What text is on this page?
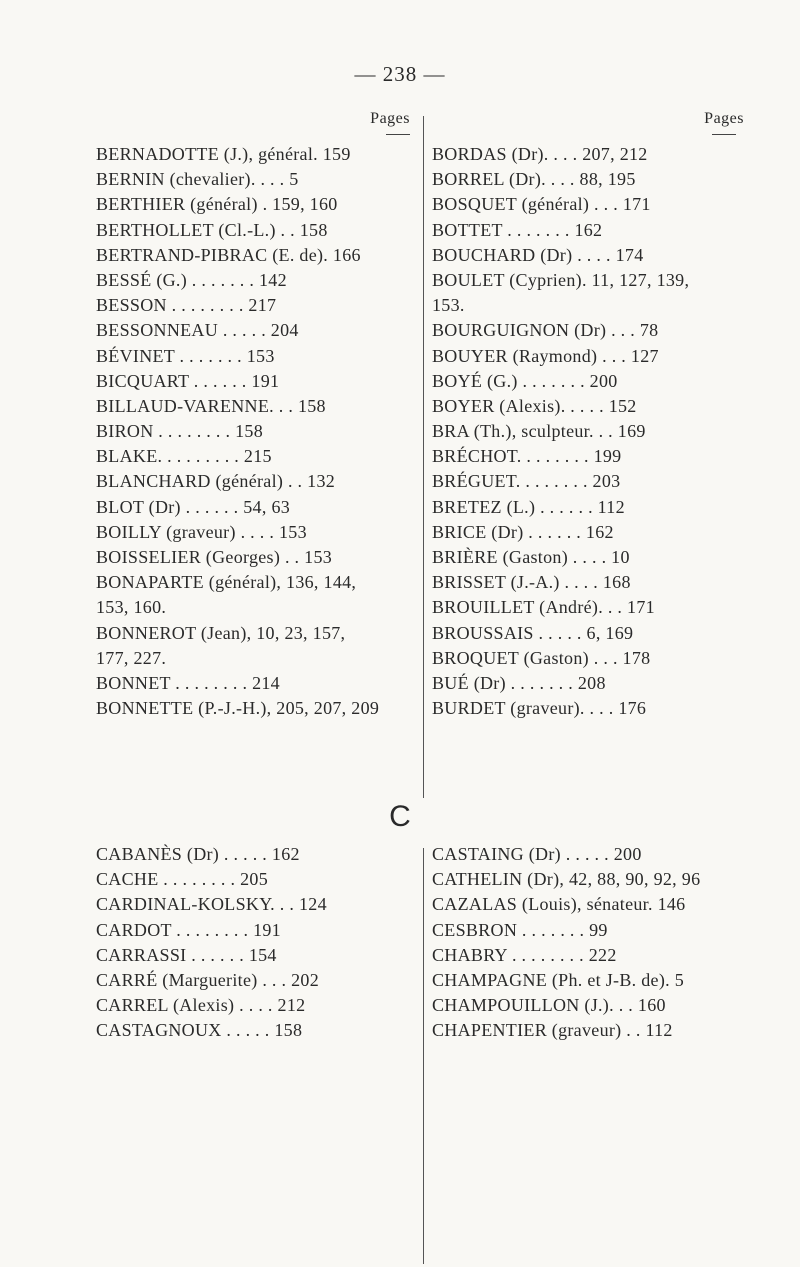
— 238 —
Pages
BERNADOTTE (J.), général. 159
BERNIN (chevalier). . . . 5
BERTHIER (général) . 159, 160
BERTHOLLET (Cl.-L.) . . 158
BERTRAND-PIBRAC (E. de). 166
BESSÉ (G.) . . . . . . . 142
BESSON . . . . . . . . 217
BESSONNEAU . . . . . 204
BÉVINET . . . . . . . 153
BICQUART . . . . . . 191
BILLAUD-VARENNE. . . 158
BIRON . . . . . . . . 158
BLAKE. . . . . . . . . 215
BLANCHARD (général) . . 132
BLOT (Dr) . . . . . . 54, 63
BOILLY (graveur) . . . . 153
BOISSELIER (Georges) . . 153
BONAPARTE (général), 136, 144,
153, 160.
BONNEROT (Jean), 10, 23, 157,
177, 227.
BONNET . . . . . . . . 214
BONNETTE (P.-J.-H.), 205, 207, 209
Pages
BORDAS (Dr). . . . 207, 212
BORREL (Dr). . . . 88, 195
BOSQUET (général) . . . 171
BOTTET . . . . . . . 162
BOUCHARD (Dr) . . . . 174
BOULET (Cyprien). 11, 127, 139,
153.
BOURGUIGNON (Dr) . . . 78
BOUYER (Raymond) . . . 127
BOYÉ (G.) . . . . . . . 200
BOYER (Alexis). . . . . 152
BRA (Th.), sculpteur. . . 169
BRÉCHOT. . . . . . . . 199
BRÉGUET. . . . . . . . 203
BRETEZ (L.) . . . . . . 112
BRICE (Dr) . . . . . . 162
BRIÈRE (Gaston) . . . . 10
BRISSET (J.-A.) . . . . 168
BROUILLET (André). . . 171
BROUSSAIS . . . . . 6, 169
BROQUET (Gaston) . . . 178
BUÉ (Dr) . . . . . . . 208
BURDET (graveur). . . . 176
C
CABANÈS (Dr) . . . . . 162
CACHE . . . . . . . . 205
CARDINAL-KOLSKY. . . 124
CARDOT . . . . . . . . 191
CARRASSI . . . . . . 154
CARRÉ (Marguerite) . . . 202
CARREL (Alexis) . . . . 212
CASTAGNOUX . . . . . 158
CASTAING (Dr) . . . . . 200
CATHELIN (Dr), 42, 88, 90, 92, 96
CAZALAS (Louis), sénateur. 146
CESBRON . . . . . . . 99
CHABRY . . . . . . . . 222
CHAMPAGNE (Ph. et J-B. de). 5
CHAMPOUILLON (J.). . . 160
CHAPENTIER (graveur) . . 112
